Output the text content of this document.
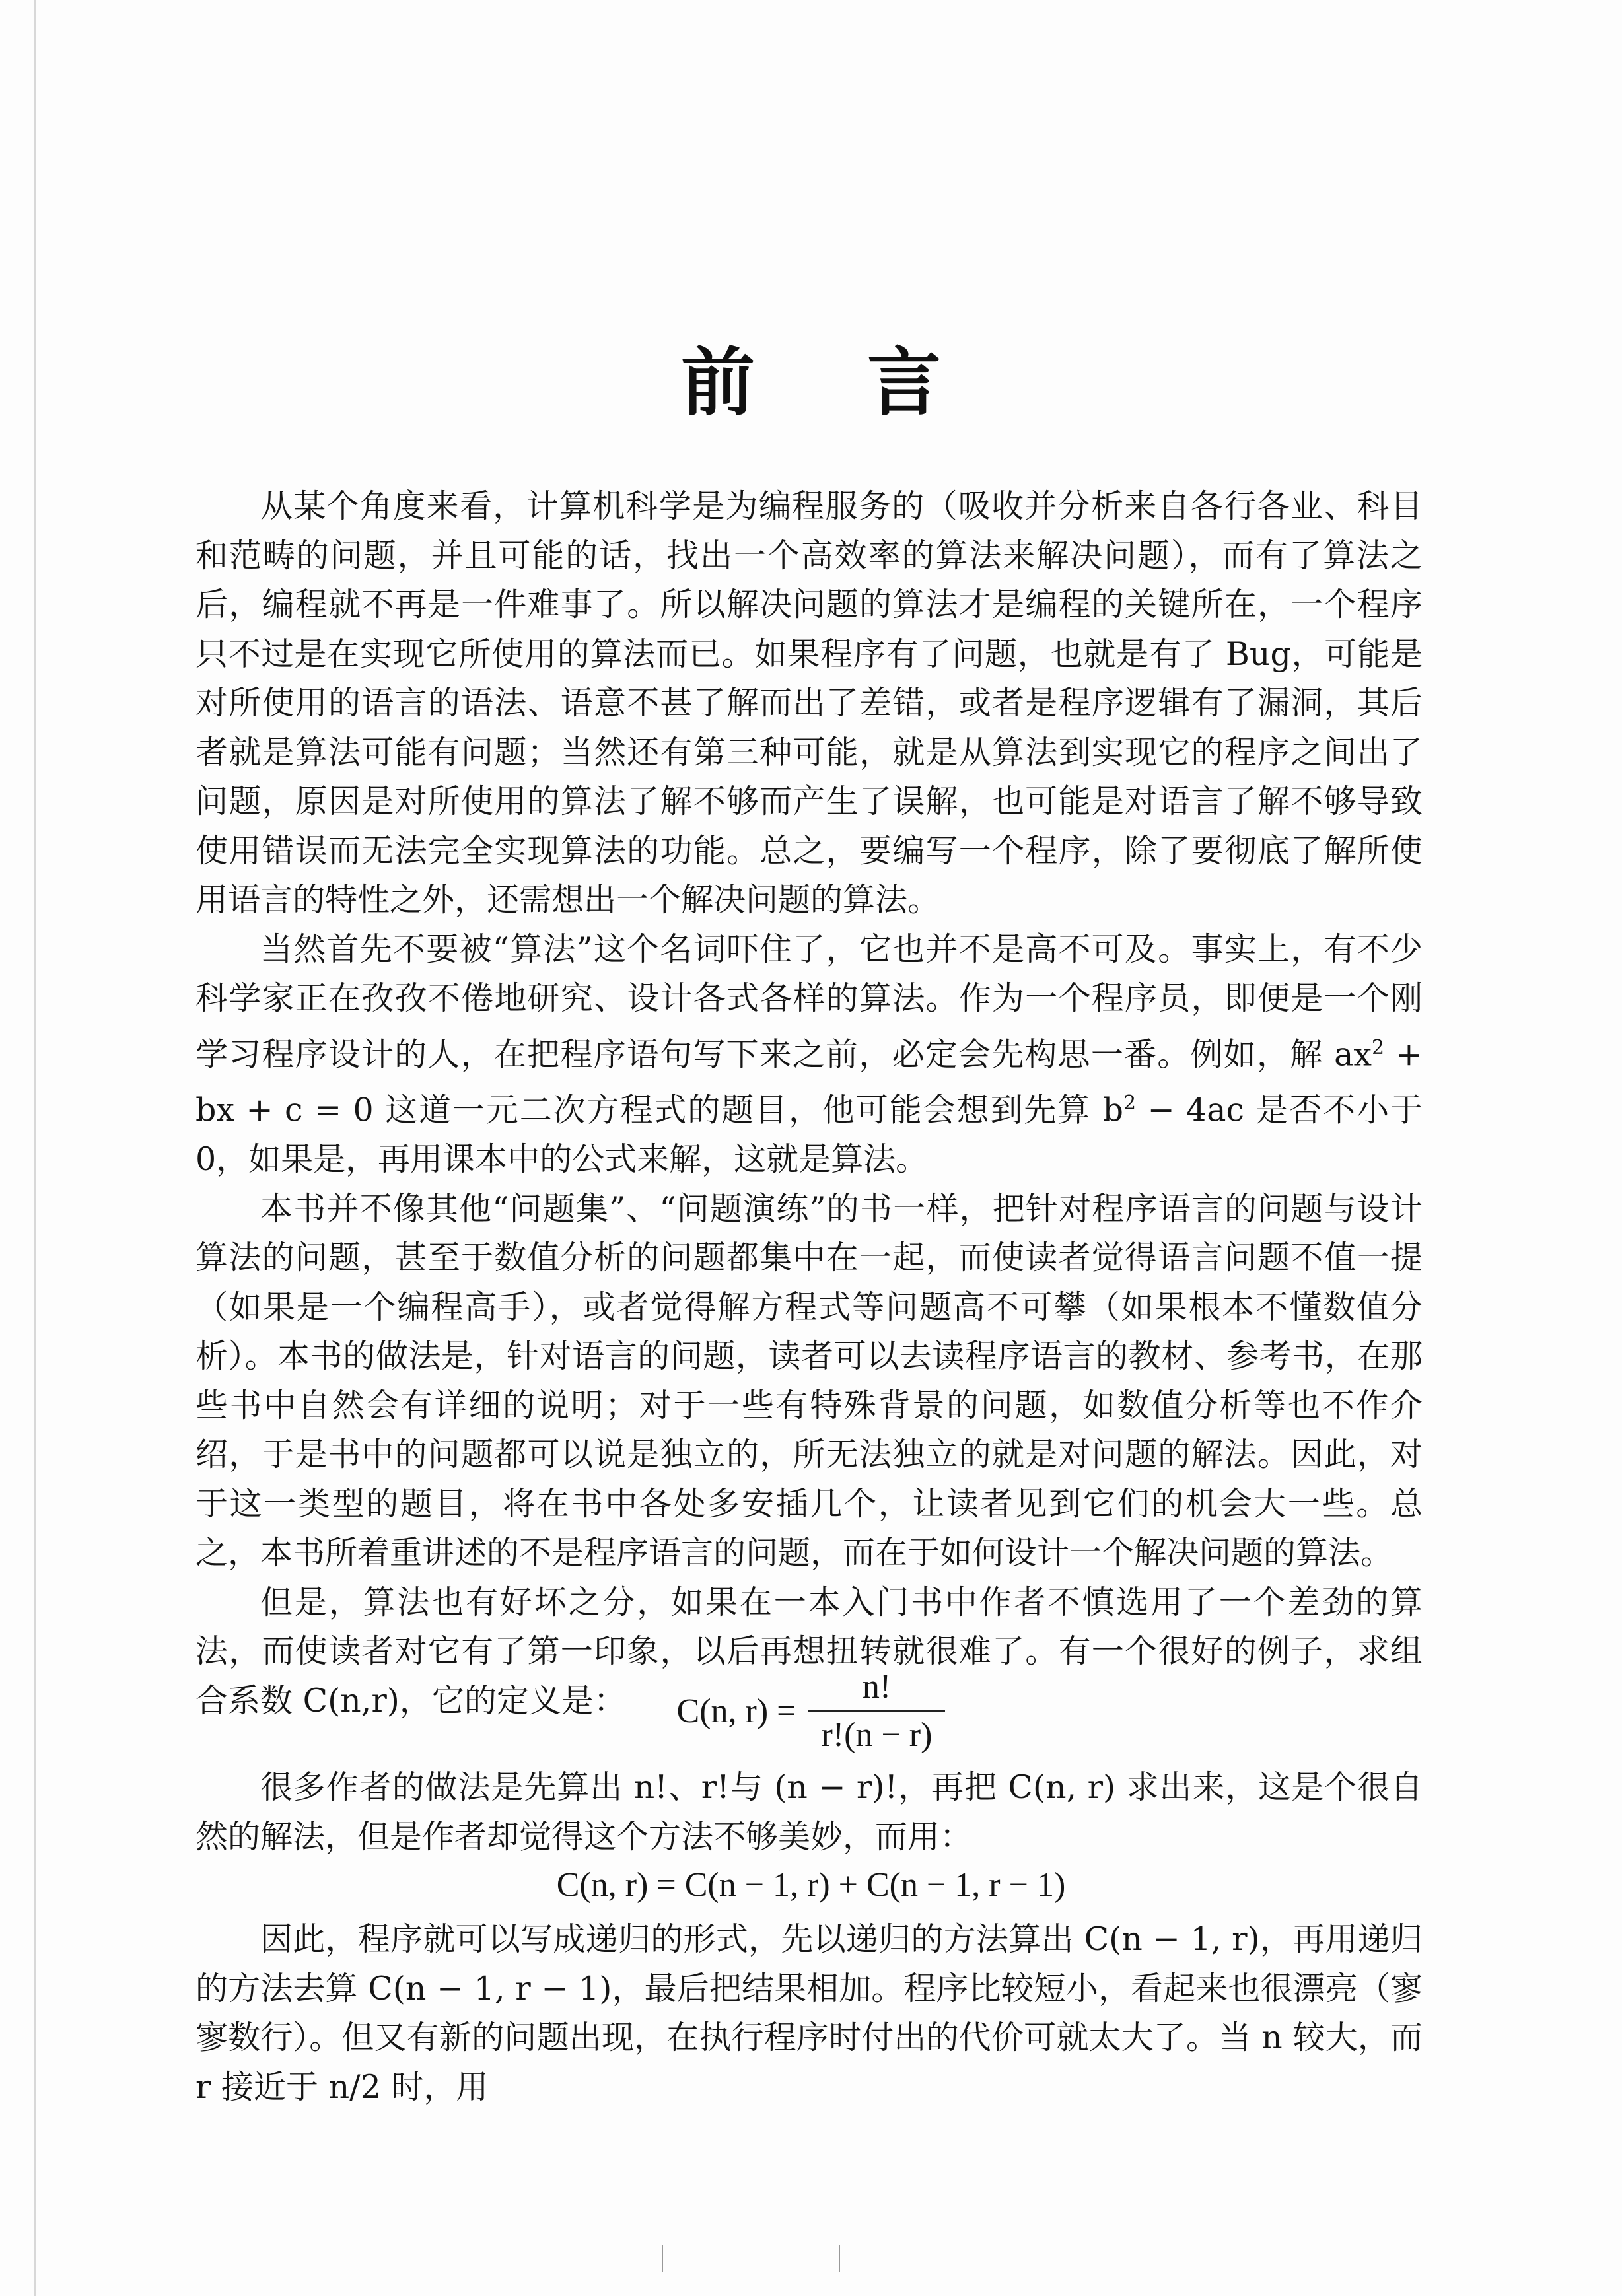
前言

从某个角度来看，计算机科学是为编程服务的（吸收并分析来自各行各业、科目和范畴的问题，并且可能的话，找出一个高效率的算法来解决问题），而有了算法之后，编程就不再是一件难事了。所以解决问题的算法才是编程的关键所在，一个程序只不过是在实现它所使用的算法而已。如果程序有了问题，也就是有了 Bug，可能是对所使用的语言的语法、语意不甚了解而出了差错，或者是程序逻辑有了漏洞，其后者就是算法可能有问题；当然还有第三种可能，就是从算法到实现它的程序之间出了问题，原因是对所使用的算法了解不够而产生了误解，也可能是对语言了解不够导致使用错误而无法完全实现算法的功能。总之，要编写一个程序，除了要彻底了解所使用语言的特性之外，还需想出一个解决问题的算法。

当然首先不要被“算法”这个名词吓住了，它也并不是高不可及。事实上，有不少科学家正在孜孜不倦地研究、设计各式各样的算法。作为一个程序员，即便是一个刚学习程序设计的人，在把程序语句写下来之前，必定会先构思一番。例如，解 $ax^2$ + bx + c = 0 这道一元二次方程式的题目，他可能会想到先算 $b^2 - 4ac$ 是否不小于 0，如果是，再用课本中的公式来解，这就是算法。

本书并不像其他“问题集”、“问题演练”的书一样，把针对程序语言的问题与设计算法的问题，甚至于数值分析的问题都集中在一起，而使读者觉得语言问题不值一提（如果是一个编程高手），或者觉得解方程式等问题高不可攀（如果根本不懂数值分析）。本书的做法是，针对语言的问题，读者可以去读程序语言的教材、参考书，在那些书中自然会有详细的说明；对于一些有特殊背景的问题，如数值分析等也不作介绍，于是书中的问题都可以说是独立的，所无法独立的就是对问题的解法。因此，对于这一类型的题目，将在书中各处多安插几个，让读者见到它们的机会大一些。总之，本书所着重讲述的不是程序语言的问题，而在于如何设计一个解决问题的算法。

但是，算法也有好坏之分，如果在一本入门书中作者不慎选用了一个差劲的算法，而使读者对它有了第一印象，以后再想扭转就很难了。有一个很好的例子，求组合系数 C(n,r)，它的定义是：	C(n, $r) = \frac{n!}{r!(n - r)}$

很多作者的做法是先算出 n!、r!与 (n − r)!，再把 C(n, r) 求出来，这是个很自然的解法，但是作者却觉得这个方法不够美妙，而用：

C(n, r) = C(n − 1, r) + C(n − 1, r − 1)

因此，程序就可以写成递归的形式，先以递归的方法算出 C(n − 1, r)，再用递归的方法去算 C(n − 1, r − 1)，最后把结果相加。程序比较短小，看起来也很漂亮（寥寥数行）。但又有新的问题出现，在执行程序时付出的代价可就太大了。当 n 较大，而 r 接近于 n/2 时，用
